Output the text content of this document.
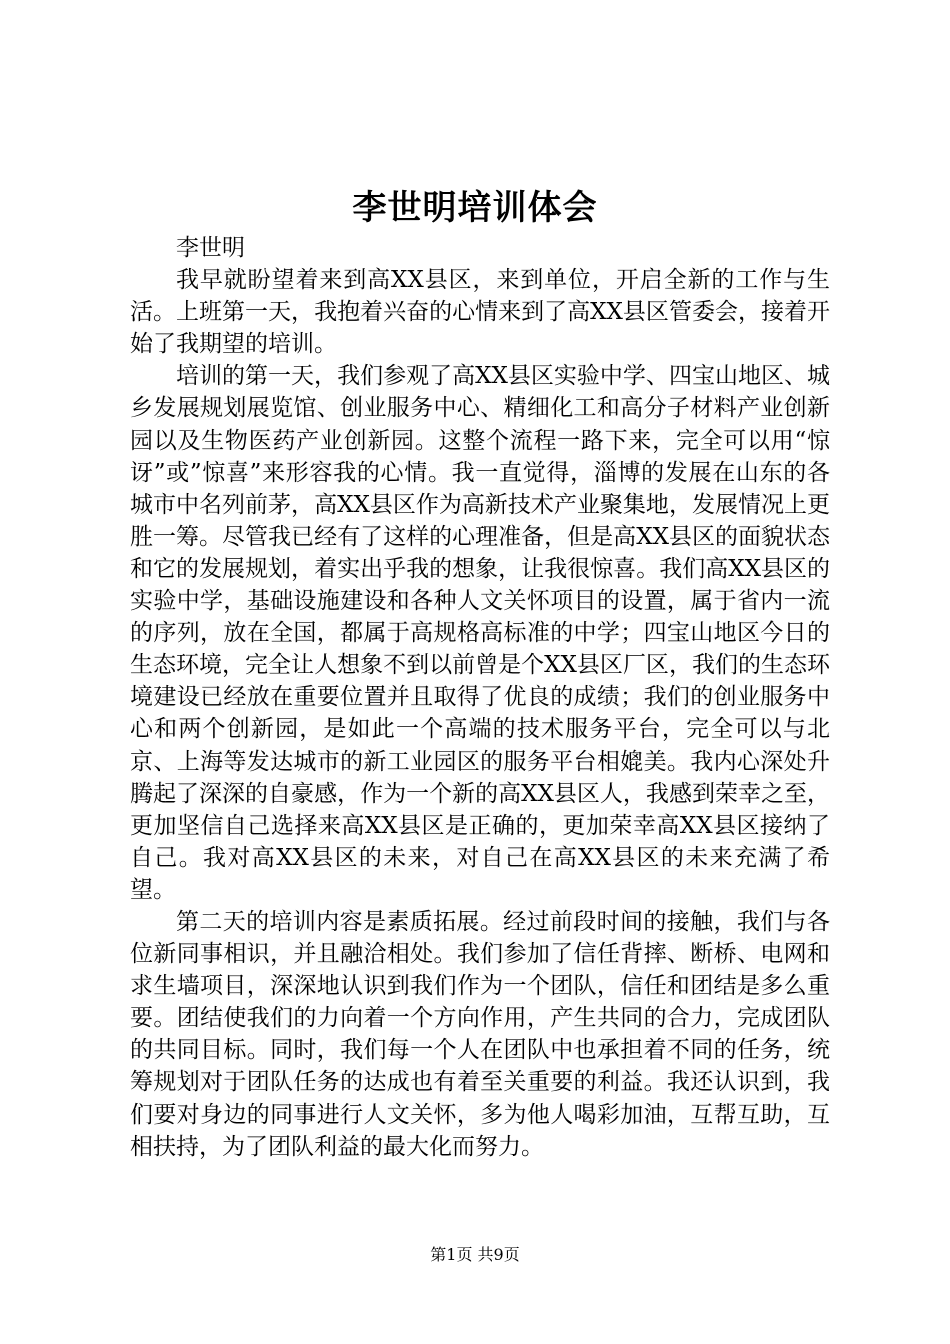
李世明培训体会

李世明

我早就盼望着来到高XX县区，来到单位，开启全新的工作与生活。上班第一天，我抱着兴奋的心情来到了高XX县区管委会，接着开始了我期望的培训。

培训的第一天，我们参观了高XX县区实验中学、四宝山地区、城乡发展规划展览馆、创业服务中心、精细化工和高分子材料产业创新园以及生物医药产业创新园。这整个流程一路下来，完全可以用“惊讶”或”惊喜”来形容我的心情。我一直觉得，淄博的发展在山东的各城市中名列前茅，高XX县区作为高新技术产业聚集地，发展情况上更胜一筹。尽管我已经有了这样的心理准备，但是高XX县区的面貌状态和它的发展规划，着实出乎我的想象，让我很惊喜。我们高XX县区的实验中学，基础设施建设和各种人文关怀项目的设置，属于省内一流的序列，放在全国，都属于高规格高标准的中学；四宝山地区今日的生态环境，完全让人想象不到以前曾是个XX县区厂区，我们的生态环境建设已经放在重要位置并且取得了优良的成绩；我们的创业服务中心和两个创新园，是如此一个高端的技术服务平台，完全可以与北京、上海等发达城市的新工业园区的服务平台相媲美。我内心深处升腾起了深深的自豪感，作为一个新的高XX县区人，我感到荣幸之至，更加坚信自己选择来高XX县区是正确的，更加荣幸高XX县区接纳了自己。我对高XX县区的未来，对自己在高XX县区的未来充满了希望。

第二天的培训内容是素质拓展。经过前段时间的接触，我们与各位新同事相识，并且融洽相处。我们参加了信任背摔、断桥、电网和求生墙项目，深深地认识到我们作为一个团队，信任和团结是多么重要。团结使我们的力向着一个方向作用，产生共同的合力，完成团队的共同目标。同时，我们每一个人在团队中也承担着不同的任务，统筹规划对于团队任务的达成也有着至关重要的利益。我还认识到，我们要对身边的同事进行人文关怀，多为他人喝彩加油，互帮互助，互相扶持，为了团队利益的最大化而努力。

第1页 共9页
